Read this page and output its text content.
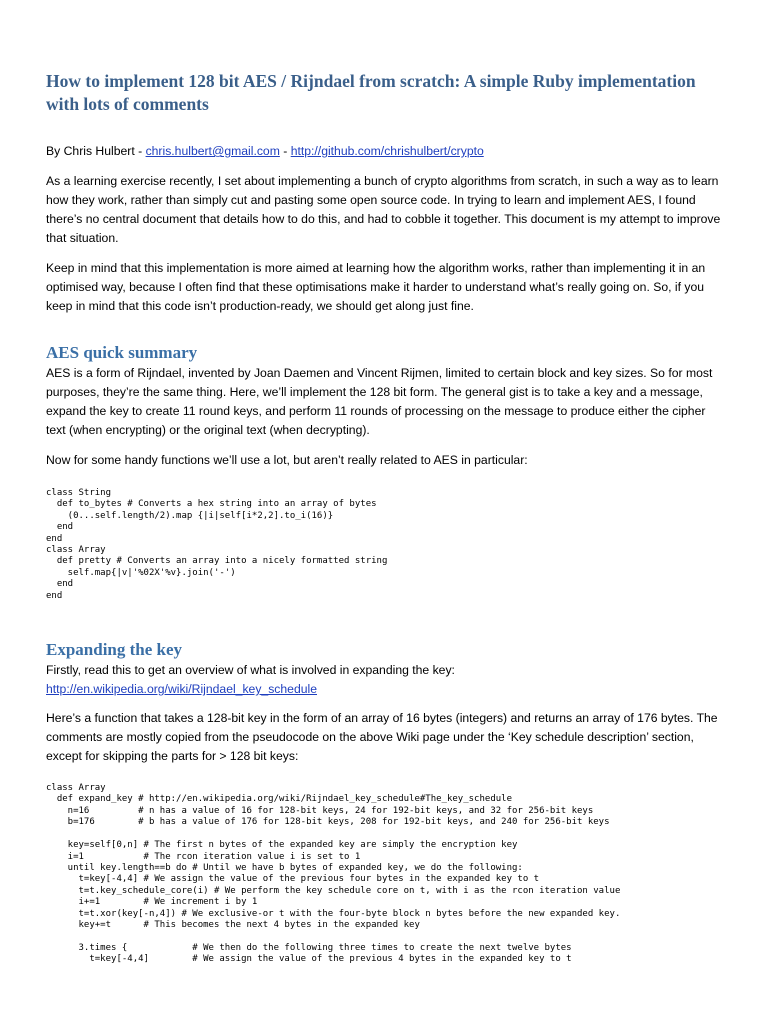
How to implement 128 bit AES / Rijndael from scratch: A simple Ruby implementation with lots of comments

By Chris Hulbert - chris.hulbert@gmail.com - http://github.com/chrishulbert/crypto

As a learning exercise recently, I set about implementing a bunch of crypto algorithms from scratch, in such a way as to learn how they work, rather than simply cut and pasting some open source code. In trying to learn and implement AES, I found there’s no central document that details how to do this, and had to cobble it together. This document is my attempt to improve that situation.

Keep in mind that this implementation is more aimed at learning how the algorithm works, rather than implementing it in an optimised way, because I often find that these optimisations make it harder to understand what’s really going on. So, if you keep in mind that this code isn’t production-ready, we should get along just fine.

AES quick summary

AES is a form of Rijndael, invented by Joan Daemen and Vincent Rijmen, limited to certain block and key sizes. So for most purposes, they’re the same thing. Here, we’ll implement the 128 bit form. The general gist is to take a key and a message, expand the key to create 11 round keys, and perform 11 rounds of processing on the message to produce either the cipher text (when encrypting) or the original text (when decrypting).

Now for some handy functions we’ll use a lot, but aren’t really related to AES in particular:

class String
def to_bytes # Converts a hex string into an array of bytes
(0...self.length/2).map {|i|self[i*2,2].to_i(16)}
end
end
class Array
def pretty # Converts an array into a nicely formatted string
self.map{|v|'%02X'%v}.join('-')
end
end
Expanding the key

Firstly, read this to get an overview of what is involved in expanding the key:
http://en.wikipedia.org/wiki/Rijndael_key_schedule

Here’s a function that takes a 128-bit key in the form of an array of 16 bytes (integers) and returns an array of 176 bytes. The comments are mostly copied from the pseudocode on the above Wiki page under the ‘Key schedule description’ section, except for skipping the parts for > 128 bit keys:

class Array
def expand_key # http://en.wikipedia.org/wiki/Rijndael_key_schedule#The_key_schedule
n=16         # n has a value of 16 for 128-bit keys, 24 for 192-bit keys, and 32 for 256-bit keys
b=176        # b has a value of 176 for 128-bit keys, 208 for 192-bit keys, and 240 for 256-bit keys

key=self[0,n] # The first n bytes of the expanded key are simply the encryption key
i=1           # The rcon iteration value i is set to 1
until key.length==b do # Until we have b bytes of expanded key, we do the following:
t=key[-4,4] # We assign the value of the previous four bytes in the expanded key to t
t=t.key_schedule_core(i) # We perform the key schedule core on t, with i as the rcon iteration value
i+=1        # We increment i by 1
t=t.xor(key[-n,4]) # We exclusive-or t with the four-byte block n bytes before the new expanded key.
key+=t      # This becomes the next 4 bytes in the expanded key

3.times {            # We then do the following three times to create the next twelve bytes
t=key[-4,4]        # We assign the value of the previous 4 bytes in the expanded key to t
